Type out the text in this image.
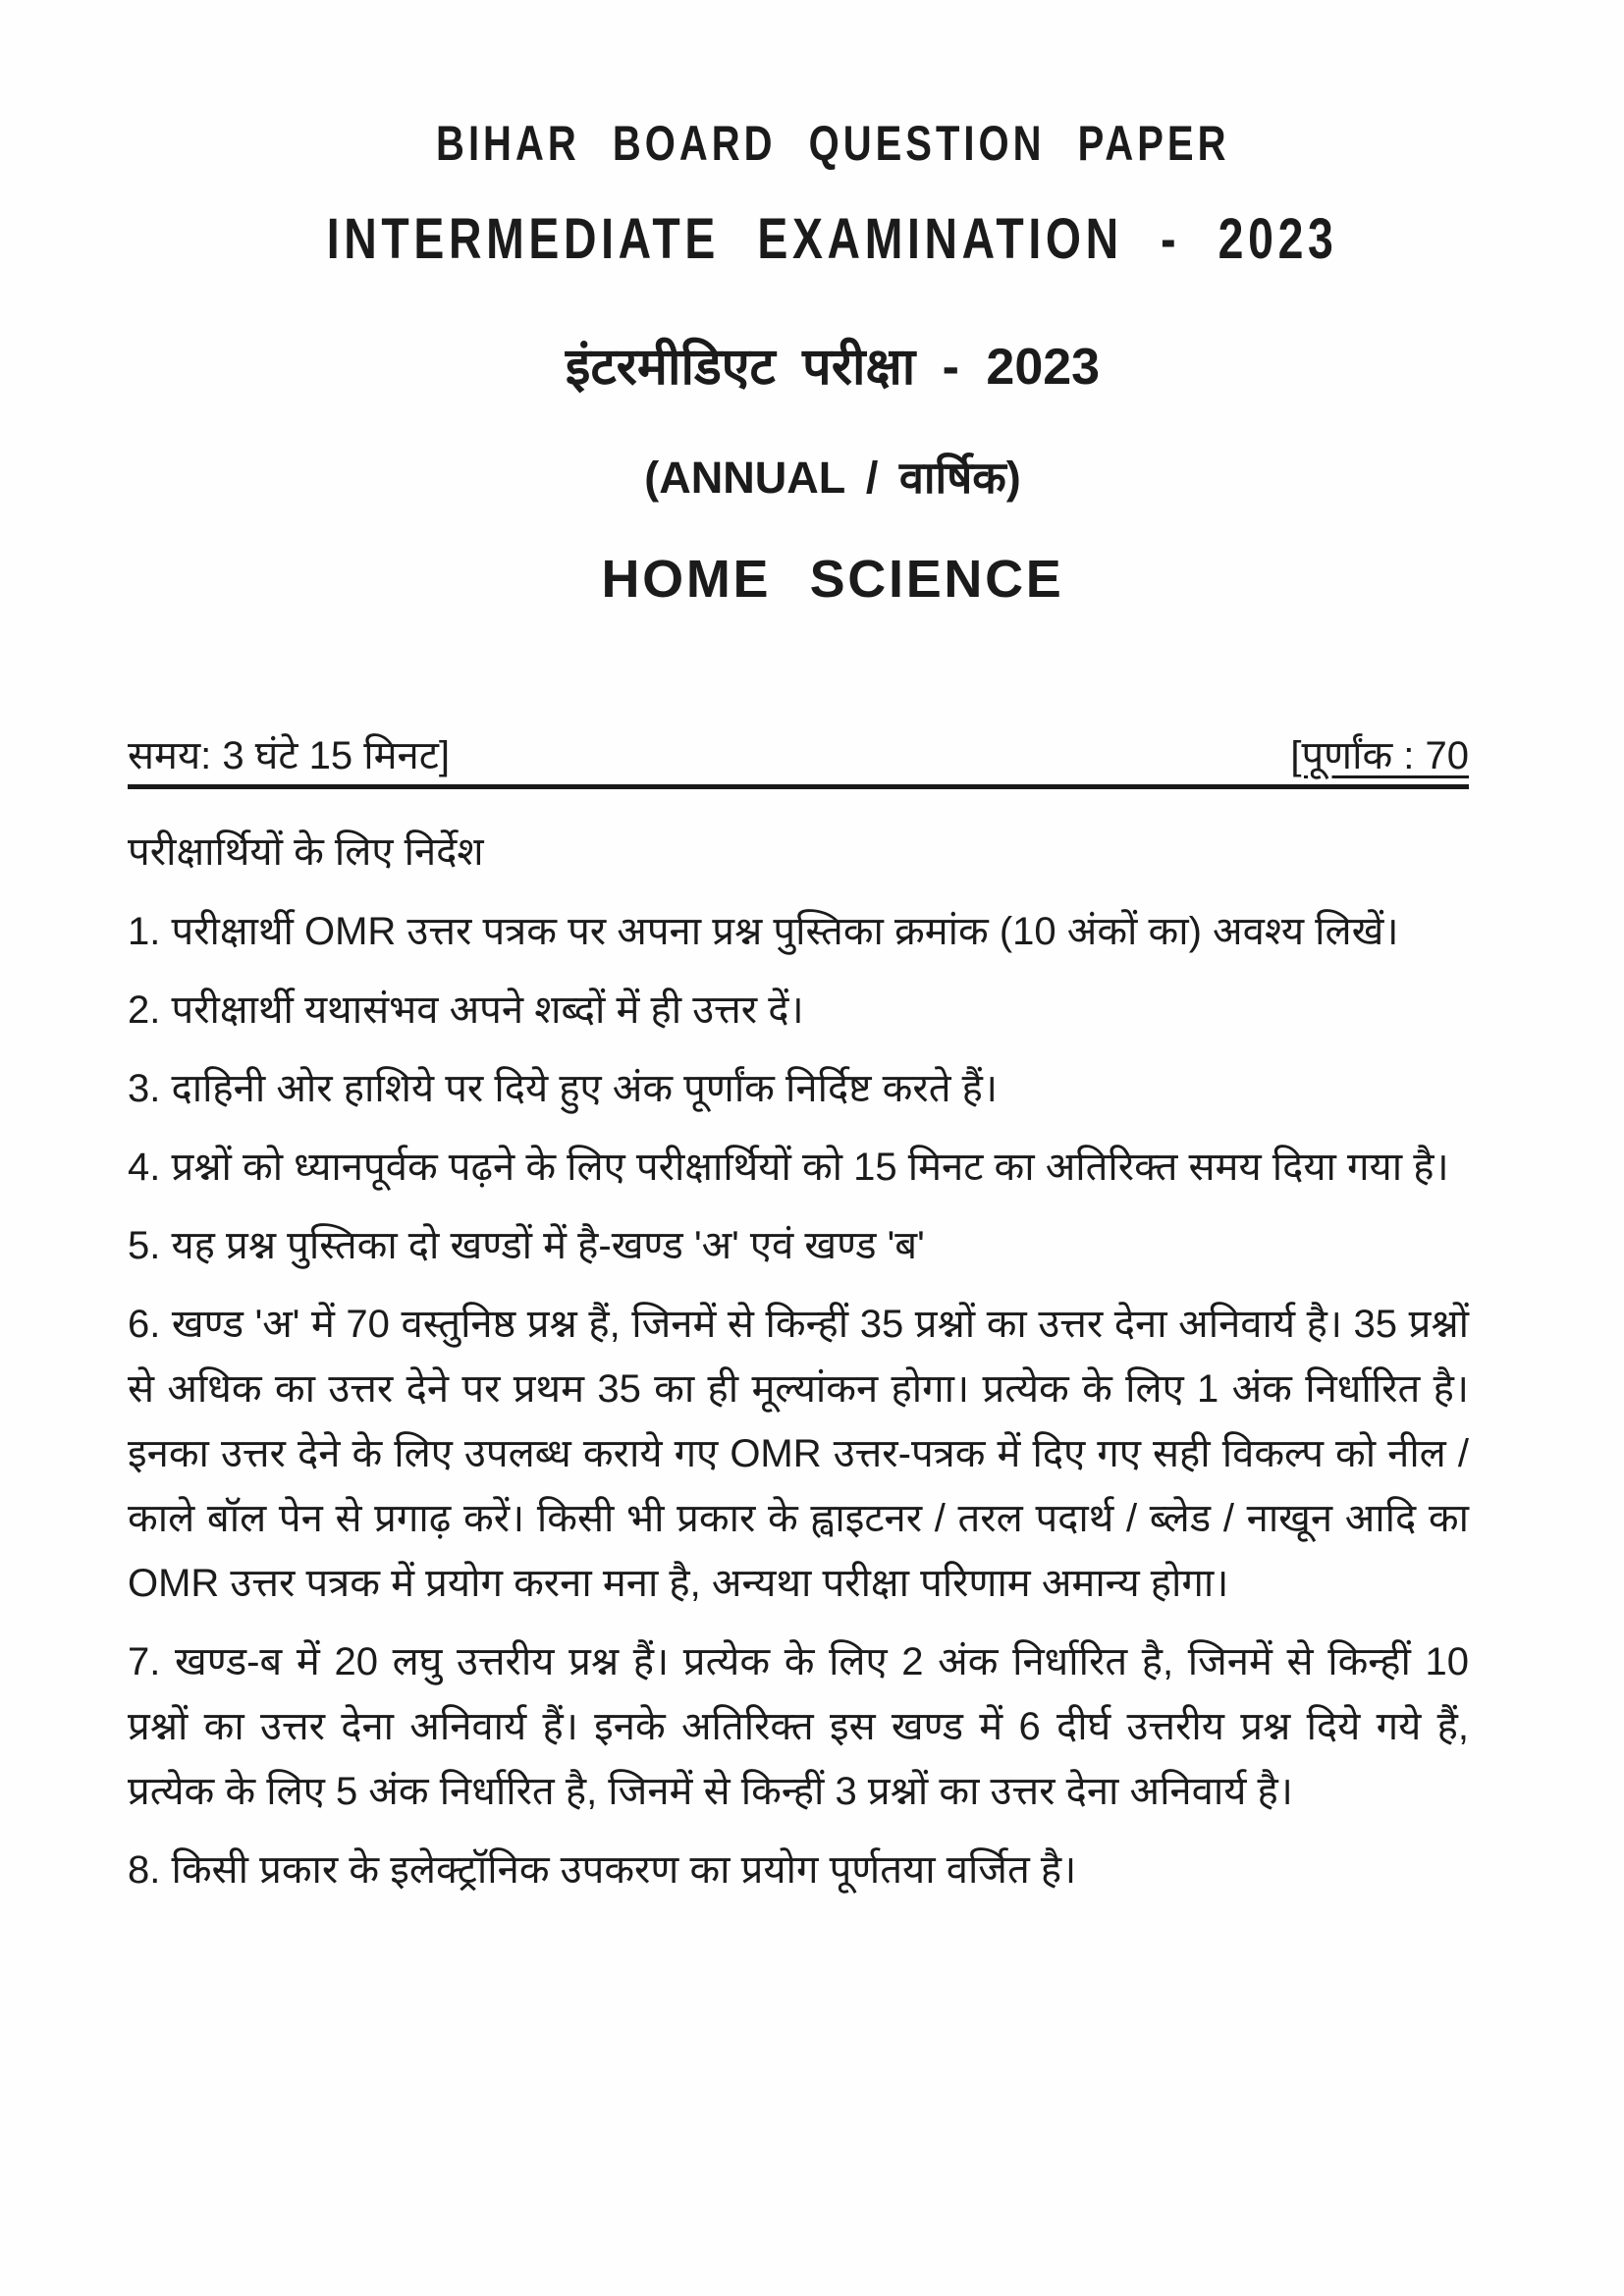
BIHAR BOARD QUESTION PAPER
INTERMEDIATE EXAMINATION - 2023
इंटरमीडिएट परीक्षा - 2023
(ANNUAL / वार्षिक)
HOME SCIENCE
समय: 3 घंटे 15 मिनट]	[पूर्णांक : 70
परीक्षार्थियों के लिए निर्देश

1. परीक्षार्थी OMR उत्तर पत्रक पर अपना प्रश्न पुस्तिका क्रमांक (10 अंकों का) अवश्य लिखें।

2. परीक्षार्थी यथासंभव अपने शब्दों में ही उत्तर दें।

3. दाहिनी ओर हाशिये पर दिये हुए अंक पूर्णांक निर्दिष्ट करते हैं।

4. प्रश्नों को ध्यानपूर्वक पढ़ने के लिए परीक्षार्थियों को 15 मिनट का अतिरिक्त समय दिया गया है।

5. यह प्रश्न पुस्तिका दो खण्डों में है-खण्ड 'अ' एवं खण्ड 'ब'

6. खण्ड 'अ' में 70 वस्तुनिष्ठ प्रश्न हैं, जिनमें से किन्हीं 35 प्रश्नों का उत्तर देना अनिवार्य है। 35 प्रश्नों से अधिक का उत्तर देने पर प्रथम 35 का ही मूल्यांकन होगा। प्रत्येक के लिए 1 अंक निर्धारित है। इनका उत्तर देने के लिए उपलब्ध कराये गए OMR उत्तर-पत्रक में दिए गए सही विकल्प को नील / काले बॉल पेन से प्रगाढ़ करें। किसी भी प्रकार के ह्वाइटनर / तरल पदार्थ / ब्लेड / नाखून आदि का OMR उत्तर पत्रक में प्रयोग करना मना है, अन्यथा परीक्षा परिणाम अमान्य होगा।

7. खण्ड-ब में 20 लघु उत्तरीय प्रश्न हैं। प्रत्येक के लिए 2 अंक निर्धारित है, जिनमें से किन्हीं 10 प्रश्नों का उत्तर देना अनिवार्य हैं। इनके अतिरिक्त इस खण्ड में 6 दीर्घ उत्तरीय प्रश्न दिये गये हैं, प्रत्येक के लिए 5 अंक निर्धारित है, जिनमें से किन्हीं 3 प्रश्नों का उत्तर देना अनिवार्य है।

8. किसी प्रकार के इलेक्ट्रॉनिक उपकरण का प्रयोग पूर्णतया वर्जित है।
